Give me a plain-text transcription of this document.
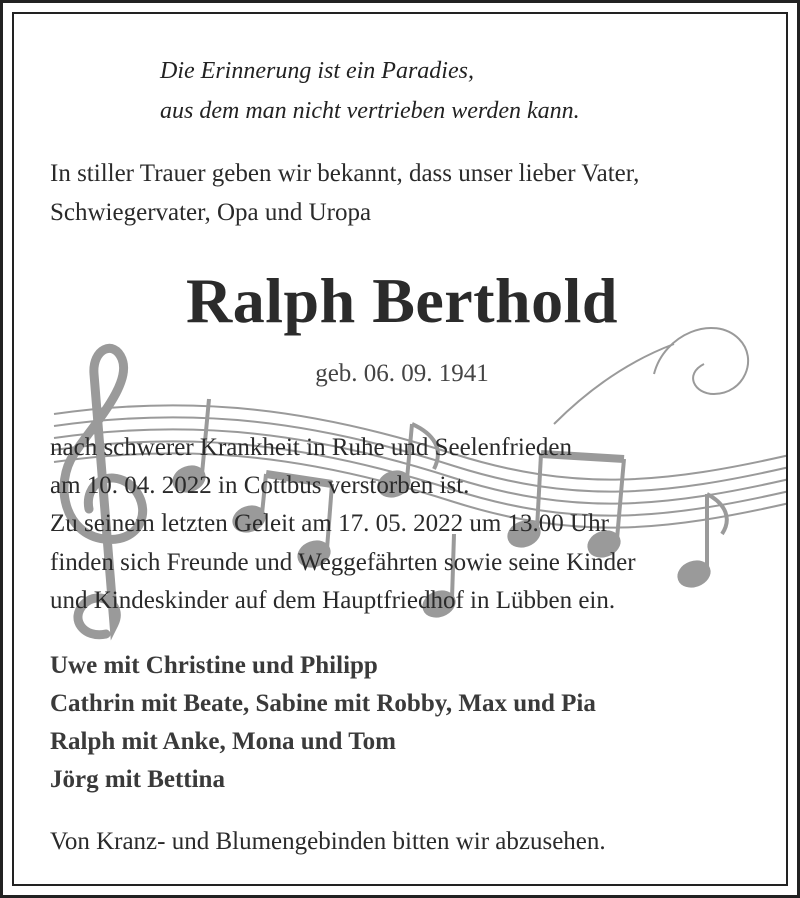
Die Erinnerung ist ein Paradies,
aus dem man nicht vertrieben werden kann.
In stiller Trauer geben wir bekannt, dass unser lieber Vater,
Schwiegervater, Opa und Uropa
Ralph Berthold
geb. 06. 09. 1941
nach schwerer Krankheit in Ruhe und Seelenfrieden
am 10. 04. 2022 in Cottbus verstorben ist.
Zu seinem letzten Geleit am 17. 05. 2022 um 13.00 Uhr
finden sich Freunde und Weggefährten sowie seine Kinder
und Kindeskinder auf dem Hauptfriedhof in Lübben ein.
Uwe mit Christine und Philipp
Cathrin mit Beate, Sabine mit Robby, Max und Pia
Ralph mit Anke, Mona und Tom
Jörg mit Bettina
Von Kranz- und Blumengebinden bitten wir abzusehen.
